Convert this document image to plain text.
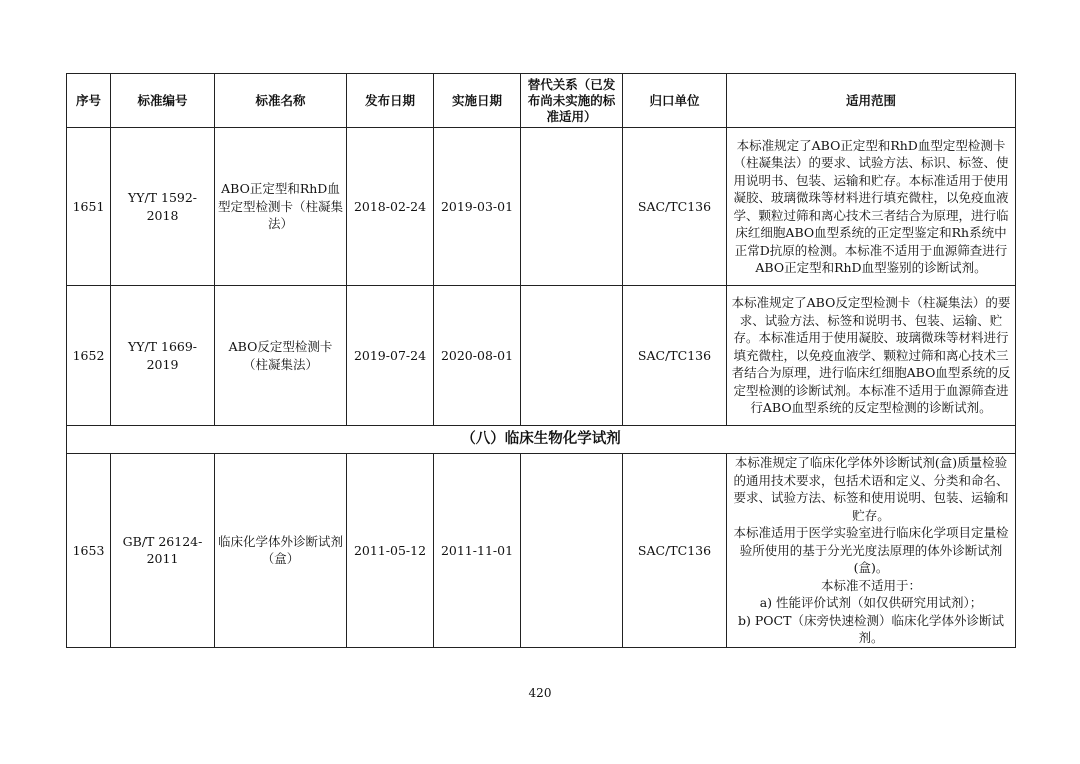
序号	标准编号	标准名称	发布日期	实施日期	替代关系（已发布尚未实施的标准适用）	归口单位	适用范围
1651	YY/T 1592-2018	ABO正定型和RhD血型定型检测卡（柱凝集法）	2018-02-24	2019-03-01		SAC/TC136	本标准规定了ABO正定型和RhD血型定型检测卡（柱凝集法）的要求、试验方法、标识、标签、使用说明书、包装、运输和贮存。本标准适用于使用凝胶、玻璃微珠等材料进行填充微柱，以免疫血液学、颗粒过筛和离心技术三者结合为原理，进行临床红细胞ABO血型系统的正定型鉴定和Rh系统中正常D抗原的检测。本标准不适用于血源筛查进行ABO正定型和RhD血型鉴别的诊断试剂。
1652	YY/T 1669-2019	ABO反定型检测卡（柱凝集法）	2019-07-24	2020-08-01		SAC/TC136	本标准规定了ABO反定型检测卡（柱凝集法）的要求、试验方法、标签和说明书、包装、运输、贮存。本标准适用于使用凝胶、玻璃微珠等材料进行填充微柱，以免疫血液学、颗粒过筛和离心技术三者结合为原理，进行临床红细胞ABO血型系统的反定型检测的诊断试剂。本标准不适用于血源筛查进行ABO血型系统的反定型检测的诊断试剂。
（八）临床生物化学试剂							
1653	GB/T 26124-2011	临床化学体外诊断试剂（盒）	2011-05-12	2011-11-01		SAC/TC136	本标准规定了临床化学体外诊断试剂(盒)质量检验的通用技术要求，包括术语和定义、分类和命名、要求、试验方法、标签和使用说明、包装、运输和贮存。
本标准适用于医学实验室进行临床化学项目定量检验所使用的基于分光光度法原理的体外诊断试剂(盒)。
本标准不适用于：
a) 性能评价试剂（如仅供研究用试剂）；
b) POCT（床旁快速检测）临床化学体外诊断试剂。
420
